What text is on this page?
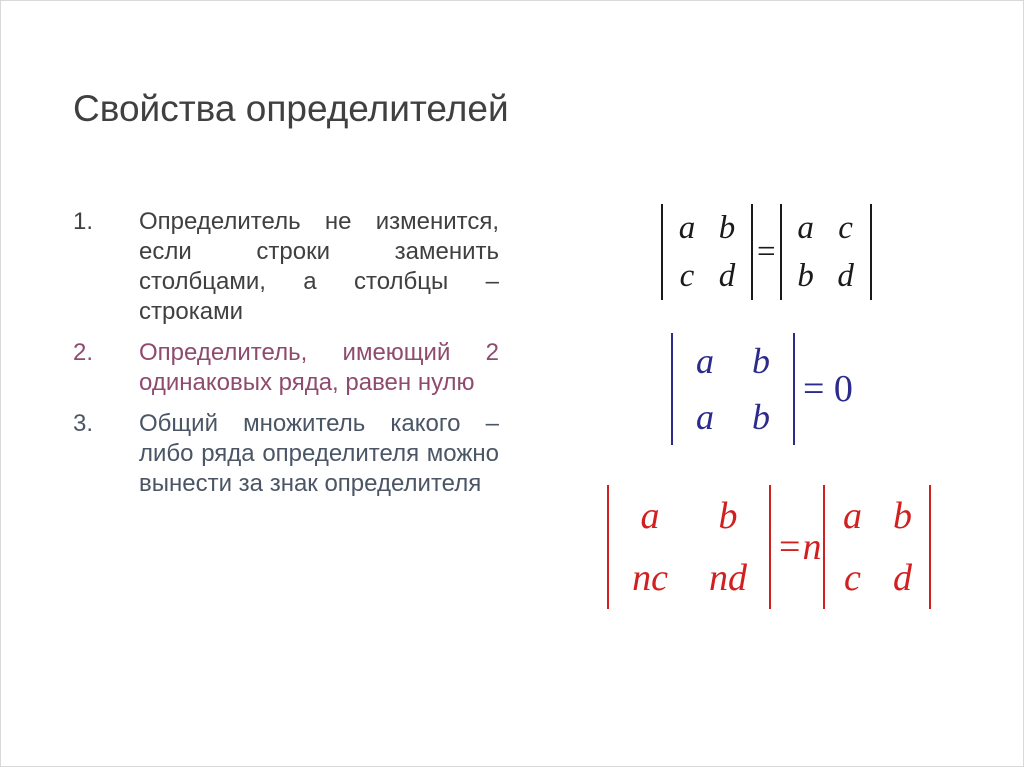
Свойства определителей
1.	Определитель не изменится, если строки заменить столбцами, а столбцы – строками
2.	Определитель, имеющий 2 одинаковых ряда, равен нулю
3.	Общий множитель какого – либо ряда определителя можно вынести за знак определителя
a b
c d
=
a c
b d
a	b
a	b
= 0
a	b
nc	nd
=n
a b
c d
